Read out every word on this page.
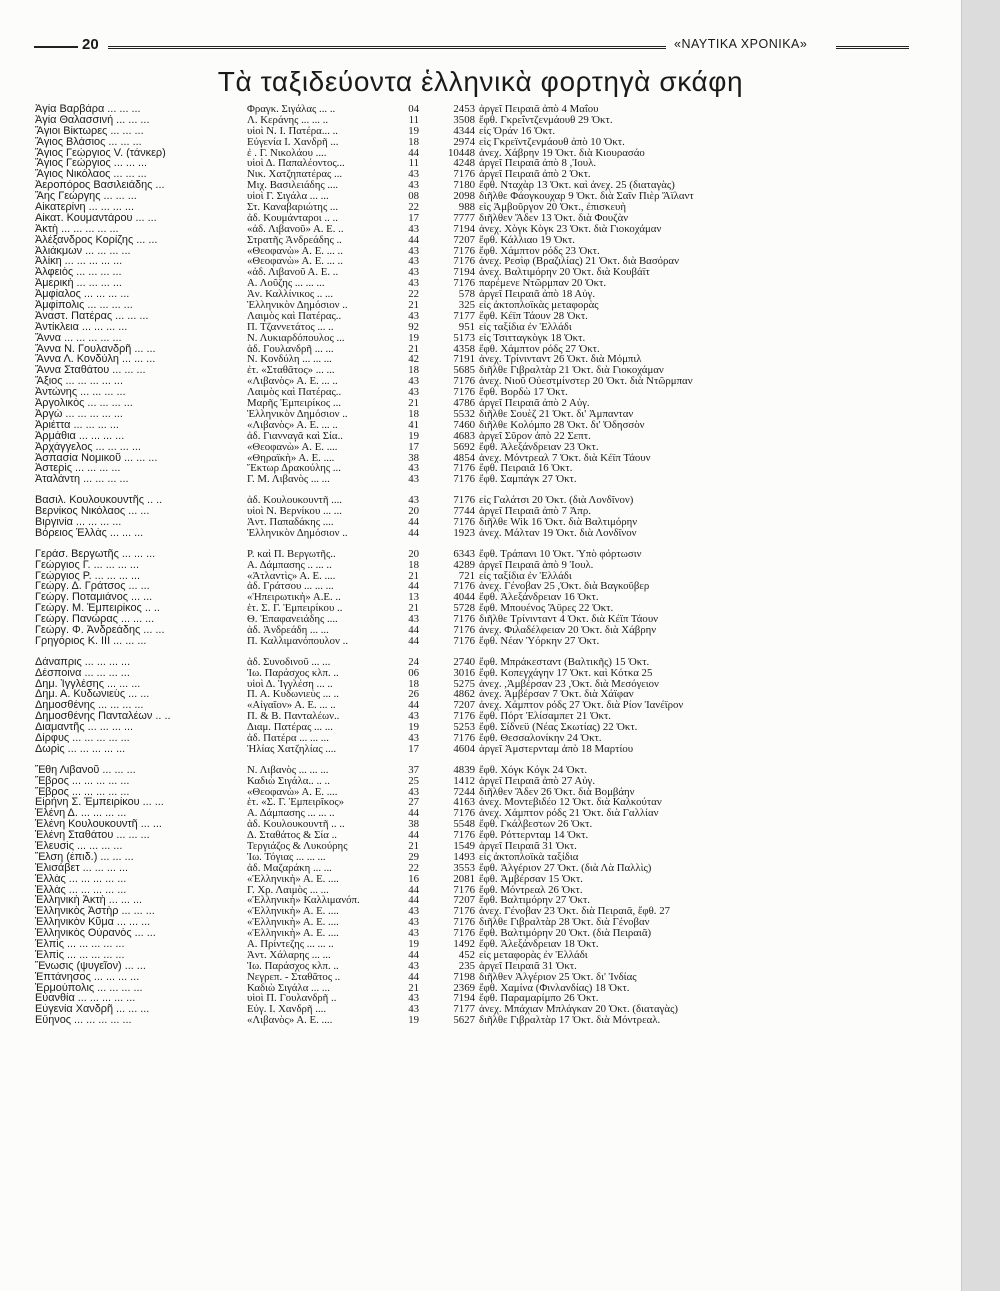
20	«ΝΑΥΤΙΚΑ ΧΡΟΝΙΚΑ»
Τὰ ταξιδεύοντα ἑλληνικὰ φορτηγὰ σκάφη
Ἁγία Βαρβάρα ... ... ...	Φραγκ. Σιγάλας ... ..	04	2453 ἀργεῖ Πειραιᾶ ἀπὸ 4 Μαΐου
Ἁγία Θαλασσινή ... ... ...	Λ. Κεράνης ... ... ..	11	3508 ἔφθ. Γκρεΐντζενμάουθ 29 Ὀκτ.
Ἅγιοι Βίκτωρες ... ... ...	υἱοὶ Ν. Ι. Πατέρα... ..	19	4344 εἰς Ὀράν 16 Ὀκτ.
Ἅγιος Βλάσιος ... ... ...	Εὐγενία Ι. Χανδρῆ ...	18	2974 εἰς Γκρεϊντζενμάουθ ἀπὸ 10 Ὀκτ.
Ἅγιος Γεώργιος V. (τάνκερ)	ἐ . Γ. Νικολάου ....	44	10448 ἀνεχ. Χάβρην 19 Ὀκτ. διὰ Κιουρασάο
Ἅγιος Γεώργιος ... ... ...	υἱοὶ Δ. Παπαλέοντος...	11	4248 ἀργεῖ Πειραιᾶ ἀπὸ 8 ,Ἰουλ.
Ἅγιος Νικόλαος ... ... ...	Νικ. Χατζηπατέρας ...	43	7176 ἀργεῖ Πειραιᾶ ἀπὸ 2 Ὀκτ.
Ἀεροπόρος Βασιλειάδης ...	Μιχ. Βασιλειάδης ....	43	7180 ἔφθ. Νταχὰρ 13 Ὀκτ. καὶ ἀνεχ. 25 (διαταγὰς)
Ἅης Γεώργης ... ... ...	υἱοὶ Γ. Σιγάλα ... ...	08	2098 διῆλθε Φάογκουχαρ 9 Ὀκτ. διὰ Σαῖν Πιὲρ Ἄϊλαντ
Αἰκατερίνη ... ... ... ...	Στ. Καναβαριώτης ...	22	988 εἰς Ἀμβοῦργον 20 Ὀκτ., ἐπισκευὴ
Αἰκατ. Κουμαντάρου ... ...	ἀδ. Κουμάνταροι .. ..	17	7777 διῆλθεν Ἄδεν 13 Ὀκτ. διὰ Φουζὰν
Ἀκτὴ ... ... ... ... ...	«ἀδ. Λιβανοῦ» Α. Ε. ..	43	7194 ἀνεχ. Χὸγκ Κὸγκ 23 Ὀκτ. διὰ Γιοκοχάμαν
Ἀλέξανδρος Κορίζης ... ...	Στρατῆς Ἀνδρεάδης ..	44	7207 ἔφθ. Κάλλιαο 19 Ὀκτ.
Ἀλιάκμων ... ... ... ...	«Θεοφανὼ» Α. Ε. ... ..	43	7176 ἔφθ. Χάμπτον ρόδς 23 Ὀκτ.
Ἀλίκη ... ... ... ... ...	«Θεοφανὼ» Α. Ε. ... ..	43	7176 ἀνεχ. Ρεσὶφ (Βραζιλίας) 21 Ὀκτ. διὰ Βασόραν
Ἀλφειὸς ... ... ... ...	«ἀδ. Λιβανοῦ Α. Ε. ..	43	7194 ἀνεχ. Βαλτιμόρην 20 Ὀκτ. διὰ Κουβάϊτ
Ἀμερικὴ ... ... ... ...	Α. Λοῦζης ... ... ...	43	7176 παρέμενε Ντῶρμπαν 20 Ὀκτ.
Ἀμφίαλος ... ... ... ...	Ἀν. Καλλίνικος .. ...	22	578 ἀργεῖ Πειραιᾶ ἀπὸ 18 Αὐγ.
Ἀμφίπολις ... ... ... ...	Ἑλληνικὸν Δημόσιον ..	21	325 εἰς ἀκτοπλοϊκὰς μεταφορὰς
Ἀναστ. Πατέρας ... ... ...	Λαιμὸς καὶ Πατέρας..	43	7177 ἔφθ. Κέϊπ Τάουν 28 Ὀκτ.
Ἀντίκλεια ... ... ... ...	Π. Τζαννετάτος ... ..	92	951 εἰς ταξίδια ἐν Ἑλλάδι
Ἄννα ... ... ... ... ...	Ν. Λυκιαρδόπουλος ...	19	5173 εἰς Τσιτταγκὸγκ 18 Ὀκτ.
Ἄννα Ν. Γουλανδρῆ ... ...	ἀδ. Γουλανδρῆ ... ...	21	4358 ἔφθ. Χάμπτον ρόδς 27 Ὀκτ.
Ἄννα Λ. Κονδύλη ... ... ...	Ν. Κονδύλη ... ... ...	42	7191 ἀνεχ. Τρίνινταντ 26 Ὀκτ. διὰ Μόμπιλ
Ἄννα Σταθάτου ... ... ...	ἐτ. «Σταθᾶτος» ... ...	18	5685 διῆλθε Γιβραλτὰρ 21 Ὀκτ. διὰ Γιοκοχάμαν
Ἄξιος ... ... ... ... ...	«Λιβανὸς» Α. Ε. ... ..	43	7176 ἀνεχ. Νιοῦ Οὐεστμίνστερ 20 Ὀκτ. διὰ Ντῶρμπαν
Ἀντώνης ... ... ... ...	Λαιμὸς καὶ Πατέρας..	43	7176 ἔφθ. Βορδὼ 17 Ὀκτ.
Ἀργολικὸς ... ... ... ...	Μαρῆς Ἐμπειρίκος ...	21	4786 ἀργεῖ Πειραιᾶ ἀπὸ 2 Αὐγ.
Ἀργὼ ... ... ... ... ...	Ἑλληνικὸν Δημόσιον ..	18	5532 διῆλθε Σουὲζ 21 Ὀκτ. δι' Ἀμπανταν
Ἀριέττα ... ... ... ...	«Λιβανὸς» Α. Ε. ... ..	41	7460 διῆλθε Κολόμπο 28 Ὀκτ. δι' Ὀδησσὸν
Ἁρμάθια ... ... ... ...	ἀδ. Γιανναγᾶ καὶ Σία..	19	4683 ἀργεῖ Σῦρον ἀπὸ 22 Σεπτ.
Ἀρχάγγελος ... ... ... ...	«Θεοφανὼ» Α. Ε. ....	17	5692 ἔφθ. Ἀλεξάνδρειαν 23 Ὀκτ.
Ἀσπασία Νομικοῦ ... ... ...	«Θηραϊκὴ» Α. Ε. ....	38	4854 ἀνεχ. Μόντρεαλ 7 Ὀκτ. διὰ Κέϊπ Τάουν
Ἀστερὶς ... ... ... ...	Ἕκτωρ Δρακούλης ...	43	7176 ἔφθ. Πειραιᾶ 16 Ὀκτ.
Ἀταλάντη ... ... ... ...	Γ. Μ. Λιβανὸς ... ...	43	7176 ἔφθ. Σαμπάγκ 27 Ὀκτ.
Βασιλ. Κουλουκουντῆς .. ..	ἀδ. Κουλουκουντῆ ....	43	7176 εἰς Γαλάτσι 20 Ὀκτ. (διὰ Λονδῖνον)
Βερνίκος Νικόλαος ... ...	υἱοὶ Ν. Βερνίκου ... ...	20	7744 ἀργεῖ Πειραιᾶ ἀπὸ 7 Ἀπρ.
Βιργινία ... ... ... ...	Ἀντ. Παπαδάκης ....	44	7176 διῆλθε Wik 16 Ὀκτ. διὰ Βαλτιμόρην
Βόρειος Ἑλλὰς ... ... ...	Ἑλληνικὸν Δημόσιον ..	44	1923 ἀνεχ. Μάλταν 19 Ὀκτ. διὰ Λονδῖνον
Γεράσ. Βεργωτῆς ... ... ...	Ρ. καὶ Π. Βεργωτῆς..	20	6343 ἔφθ. Τράπανι 10 Ὀκτ. Ὑπὸ φόρτωσιν
Γεώργιος Γ. ... ... ... ...	Α. Δάμπασης .. ... ..	18	4289 ἀργεῖ Πειραιᾶ ἀπὸ 9 Ἰουλ.
Γεώργιος Ρ. ... ... ... ...	«Ἀτλαντὶς» Α. Ε. ....	21	721 εἰς ταξίδια ἐν Ἑλλάδι
Γεώργ. Δ. Γράτσος ... ...	ἀδ. Γράτσου ... ... ...	44	7176 ἀνεχ. Γένοβαν 25 ,Ὀκτ. διὰ Βαγκοῦβερ
Γεώργ. Ποταμιάνος ... ...	«Ἠπειρωτικὴ» Α.Ε. ..	13	4044 ἔφθ. Ἀλεξάνδρειαν 16 Ὀκτ.
Γεώργ. Μ. Ἐμπειρίκος .. ..	ἑτ. Σ. Γ. Ἐμπειρίκου ..	21	5728 ἔφθ. Μπουένος Ἄϋρες 22 Ὀκτ.
Γεώργ. Πανώρας ... ... ...	Θ. Ἐπαφανειάδης ....	43	7176 διῆλθε Τρίνινταντ 4 Ὀκτ. διὰ Κέϊπ Τάουν
Γεώργ. Φ. Ἀνδρεάδης ... ...	ἀδ. Ἀνδρεάδη ... ...	44	7176 ἀνεχ. Φιλαδέλφειαν 20 Ὀκτ. διὰ Χάβρην
Γρηγόριος Κ. ΙΙΙ ... ... ...	Π. Καλλιμανόπουλον ..	44	7176 ἔφθ. Νέαν Ὑόρκην 27 Ὀκτ.
Δάναπρις ... ... ... ...	ἀδ. Συνοδινοῦ ... ...	24	2740 ἔφθ. Μπράκεσταντ (Βαλτικῆς) 15 Ὀκτ.
Δέσποινα ... ... ... ...	Ἰω. Παράσχος κλπ. ..	06	3016 ἔφθ. Κοπεγχάγην 17 Ὀκτ. καὶ Κότκα 25
Δημ. Ἰγγλέσης ... ... ...	υἱοὶ Δ. Ἰγγλέση ... ..	18	5275 ἀνεχ. ,Ἀμβέρσαν 23 ,Ὀκτ. διὰ Μεσόγειον
Δημ. Α. Κυδωνιεὺς ... ...	Π. Α. Κυδωνιεὺς ... ..	26	4862 ἀνεχ. Ἀμβέρσαν 7 Ὀκτ. διὰ Χάϊφαν
Δημοσθένης ... ... ... ...	«Αἰγαῖον» Α. Ε. ... ..	44	7207 ἀνεχ. Χάμπτον ρόδς 27 Ὀκτ. διὰ Ρίον Ἰανέϊρον
Δημοσθένης Πανταλέων .. ..	Π. & Β. Πανταλέων..	43	7176 ἔφθ. Πόρτ Ἐλίσαμπετ 21 Ὀκτ.
Διαμαντῆς ... ... ... ...	Διαμ. Πατέρας ... ...	19	5253 ἔφθ. Σίδνεϋ (Νέας Σκωτίας) 22 Ὀκτ.
Δίρφυς ... ... ... ... ...	ἀδ. Πατέρα ... ... ...	43	7176 ἔφθ. Θεσσαλονίκην 24 Ὀκτ.
Δωρὶς ... ... ... ... ...	Ἠλίας Χατζηλίας ....	17	4604 ἀργεῖ Ἀμστερνταμ ἀπὸ 18 Μαρτίου
Ἔθη Λιβανοῦ ... ... ...	Ν. Λιβανὸς ... ... ...	37	4839 ἔφθ. Χόγκ Κόγκ 24 Ὀκτ.
Ἔβρος ... ... ... ... ...	Καδιὼ Σιγάλα.. .. ..	25	1412 ἀργεῖ Πειραιᾶ ἀπὸ 27 Αὐγ.
Ἔβρος ... ... ... ... ...	«Θεοφανὼ» Α. Ε. ....	43	7244 διῆλθεν Ἄδεν 26 Ὀκτ. διὰ Βομβάην
Εἰρήνη Σ. Ἐμπειρίκου ... ...	ἑτ. «Σ. Γ. Ἐμπειρῖκος»	27	4163 ἀνεχ. Μοντεβιδέο 12 Ὀκτ. διὰ Καλκούταν
Ἑλένη Δ. ... ... ... ...	Α. Δάμπασης ... ... ..	44	7176 ἀνεχ. Χάμπτον ρόδς 21 Ὀκτ. διὰ Γαλλίαν
Ἑλένη Κουλουκουντῆ ... ...	ἀδ. Κουλουκουντῆ .. ..	38	5548 ἔφθ. Γκάλβεστων 26 Ὀκτ.
Ἑλένη Σταθάτου ... ... ...	Δ. Σταθάτος & Σία ..	44	7176 ἔφθ. Ρόττερνταμ 14 Ὀκτ.
Ἐλευσὶς ... ... ... ...	Τεργιάζος & Λυκούρης	21	1549 ἀργεῖ Πειραιᾶ 31 Ὀκτ.
Ἔλση (ἐπιδ.) ... ... ...	Ἰω. Τόγιας ... ... ...	29	1493 εἰς ἀκτοπλοϊκὰ ταξίδια
Ἐλισάβετ ... ... ... ...	ἀδ. Μαζαράκη ... ...	22	3553 ἔφθ. Ἀλγέριον 27 Ὀκτ. (διὰ Λὰ Παλλὶς)
Ἑλλὰς ... ... ... ... ...	«Ἑλληνικὴ» Α. Ε. ....	16	2081 ἔφθ. Ἀμβέρσαν 15 Ὀκτ.
Ἑλλὰς ... ... ... ... ...	Γ. Χρ. Λαιμὸς ... ...	44	7176 ἔφθ. Μόντρεαλ 26 Ὀκτ.
Ἑλληνικὴ Ἀκτὴ ... ... ...	«Ἑλληνικὴ» Καλλιμανόπ.	44	7207 ἔφθ. Βαλτιμόρην 27 Ὀκτ.
Ἑλληνικὸς Ἀστὴρ ... ... ...	«Ἑλληνικὴ» Α. Ε. ....	43	7176 ἀνεχ. Γένοβαν 23 Ὀκτ. διὰ Πειραιᾶ, ἔφθ. 27
Ἑλληνικὸν Κῦμα ... ... ...	«Ἑλληνικὴ» Α. Ε. ....	43	7176 διῆλθε Γιβραλτὰρ 28 Ὀκτ. διὰ Γένοβαν
Ἑλληνικὸς Οὐρανὸς ... ...	«Ἑλληνικὴ» Α. Ε. ....	43	7176 ἔφθ. Βαλτιμόρην 20 Ὀκτ. (διὰ Πειραιᾶ)
Ἐλπὶς ... ... ... ... ...	Α. Πρίντεζης ... ... ..	19	1492 ἔφθ. Ἀλεξάνδρειαν 18 Ὀκτ.
Ἐλπὶς ... ... ... ... ...	Ἀντ. Χάλαρης ... ...	44	452 εἰς μεταφορὰς ἐν Ἑλλάδι
Ἕνωσις (ψυγεῖον) ... ...	Ἰω. Παράσχος κλπ. ..	43	235 ἀργεῖ Πειραιᾶ 31 Ὀκτ.
Ἑπτάνησος ... ... ... ...	Νεγρεπ. - Σταθᾶτος ..	44	7198 διῆλθεν Ἀλγέριον 25 Ὀκτ. δι' Ἰνδίας
Ἑρμούπολις ... ... ... ...	Καδιὼ Σιγάλα ... ...	21	2369 ἔφθ. Χαμίνα (Φινλανδίας) 18 Ὀκτ.
Εὐανθία ... ... ... ... ...	υἱοὶ Π. Γουλανδρῆ ..	43	7194 ἔφθ. Παραμαρίμπο 26 Ὀκτ.
Εὐγενία Χανδρῆ ... ... ...	Εὐγ. Ι. Χανδρῆ ....	43	7177 ἀνεχ. Μπάχιαν Μπλάγκαν 20 Ὀκτ. (διαταγὰς)
Εὔηνος ... ... ... ... ...	«Λιβανὸς» Α. Ε. ....	19	5627 διῆλθε Γιβραλτὰρ 17 Ὀκτ. διὰ Μόντρεαλ.
